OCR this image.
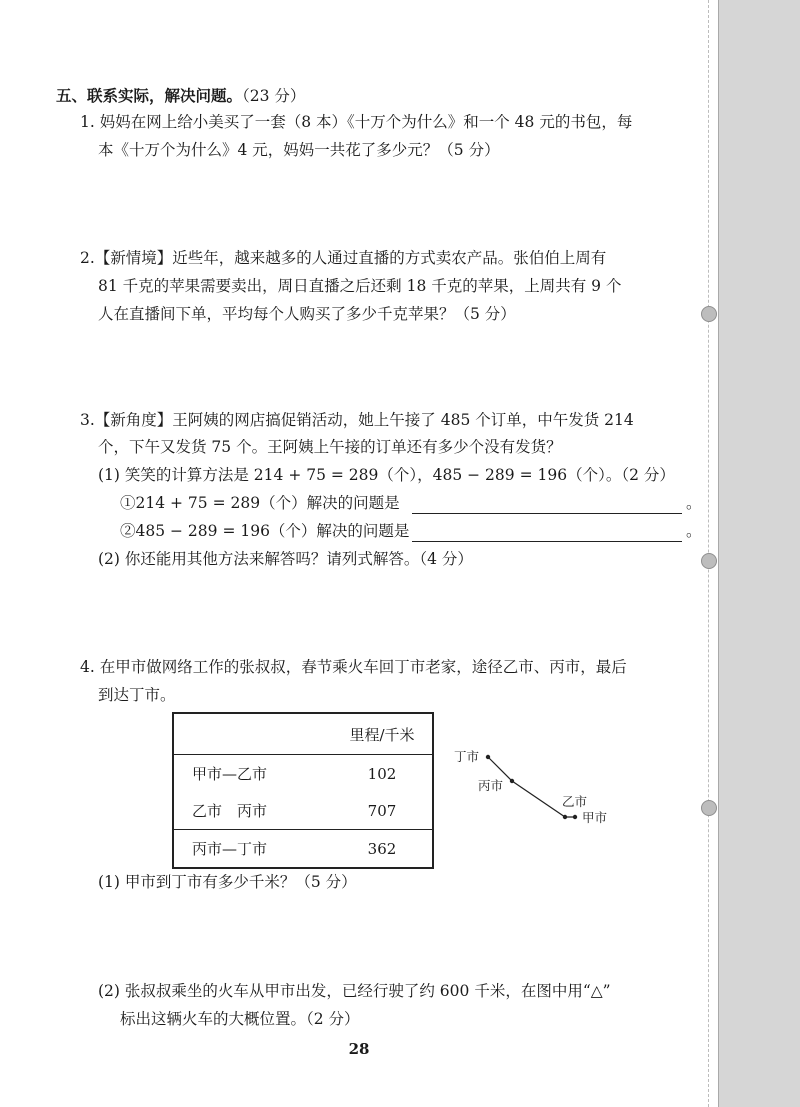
五、联系实际，解决问题。（23 分）
1. 妈妈在网上给小美买了一套（8 本）《十万个为什么》和一个 48 元的书包，每
本《十万个为什么》4 元，妈妈一共花了多少元？（5 分）
2.【新情境】近些年，越来越多的人通过直播的方式卖农产品。张伯伯上周有
81 千克的苹果需要卖出，周日直播之后还剩 18 千克的苹果，上周共有 9 个
人在直播间下单，平均每个人购买了多少千克苹果？（5 分）
3.【新角度】王阿姨的网店搞促销活动，她上午接了 485 个订单，中午发货 214
个，下午又发货 75 个。王阿姨上午接的订单还有多少个没有发货？
(1) 笑笑的计算方法是 214 + 75 = 289（个），485 − 289 = 196（个）。（2 分）
①214 + 75 = 289（个）解决的问题是	。
②485 − 289 = 196（个）解决的问题是	。
(2) 你还能用其他方法来解答吗？请列式解答。（4 分）
4. 在甲市做网络工作的张叔叔，春节乘火车回丁市老家，途径乙市、丙市，最后
到达丁市。
	里程/千米
甲市—乙市	102
乙市　丙市	707
丙市—丁市	362
丁市
丙市
乙市
甲市
(1) 甲市到丁市有多少千米？（5 分）
(2) 张叔叔乘坐的火车从甲市出发，已经行驶了约 600 千米，在图中用“△”
标出这辆火车的大概位置。（2 分）
28
